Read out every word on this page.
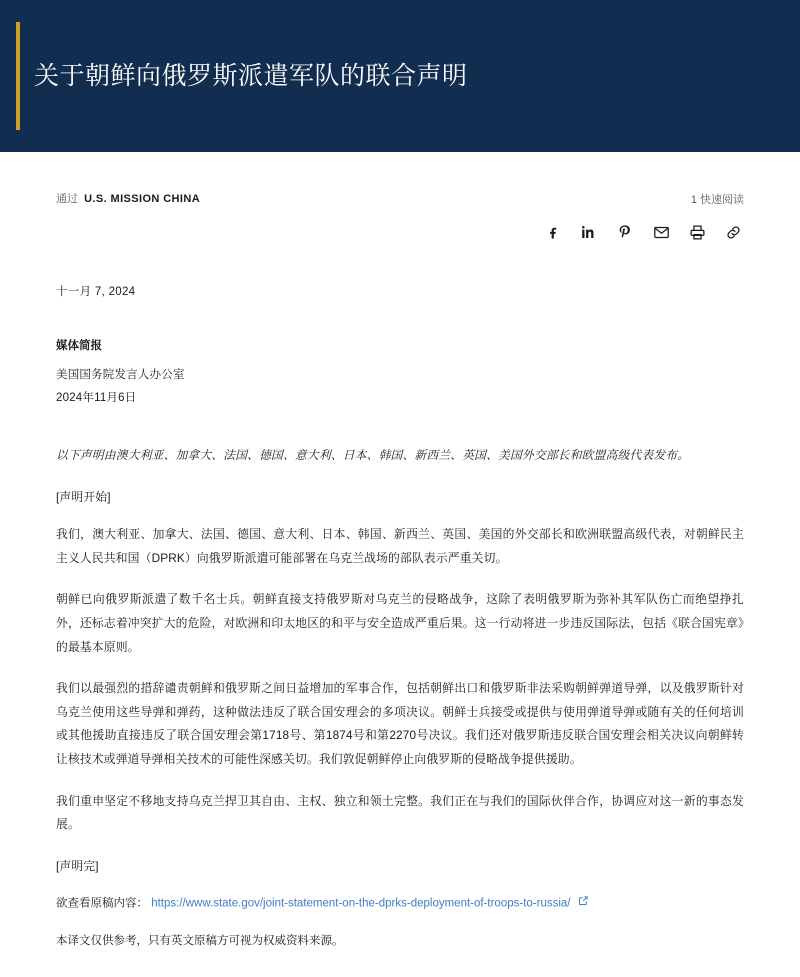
关于朝鲜向俄罗斯派遣军队的联合声明
通过 U.S. MISSION CHINA	1 快速阅读
十一月 7, 2024
媒体简报
美国国务院发言人办公室
2024年11月6日

以下声明由澳大利亚、加拿大、法国、德国、意大利、日本、韩国、新西兰、英国、美国外交部长和欧盟高级代表发布。

[声明开始]

我们，澳大利亚、加拿大、法国、德国、意大利、日本、韩国、新西兰、英国、美国的外交部长和欧洲联盟高级代表，对朝鲜民主主义人民共和国（DPRK）向俄罗斯派遣可能部署在乌克兰战场的部队表示严重关切。

朝鲜已向俄罗斯派遣了数千名士兵。朝鲜直接支持俄罗斯对乌克兰的侵略战争，这除了表明俄罗斯为弥补其军队伤亡而绝望挣扎外，还标志着冲突扩大的危险，对欧洲和印太地区的和平与安全造成严重后果。这一行动将进一步违反国际法，包括《联合国宪章》的最基本原则。

我们以最强烈的措辞谴责朝鲜和俄罗斯之间日益增加的军事合作，包括朝鲜出口和俄罗斯非法采购朝鲜弹道导弹，以及俄罗斯针对乌克兰使用这些导弹和弹药，这种做法违反了联合国安理会的多项决议。朝鲜士兵接受或提供与使用弹道导弹或随有关的任何培训或其他援助直接违反了联合国安理会第1718号、第1874号和第2270号决议。我们还对俄罗斯违反联合国安理会相关决议向朝鲜转让核技术或弹道导弹相关技术的可能性深感关切。我们敦促朝鲜停止向俄罗斯的侵略战争提供援助。

我们重申坚定不移地支持乌克兰捍卫其自由、主权、独立和领土完整。我们正在与我们的国际伙伴合作，协调应对这一新的事态发展。

[声明完]

欲查看原稿内容： https://www.state.gov/joint-statement-on-the-dprks-deployment-of-troops-to-russia/
本译文仅供参考，只有英文原稿方可视为权威资料来源。
